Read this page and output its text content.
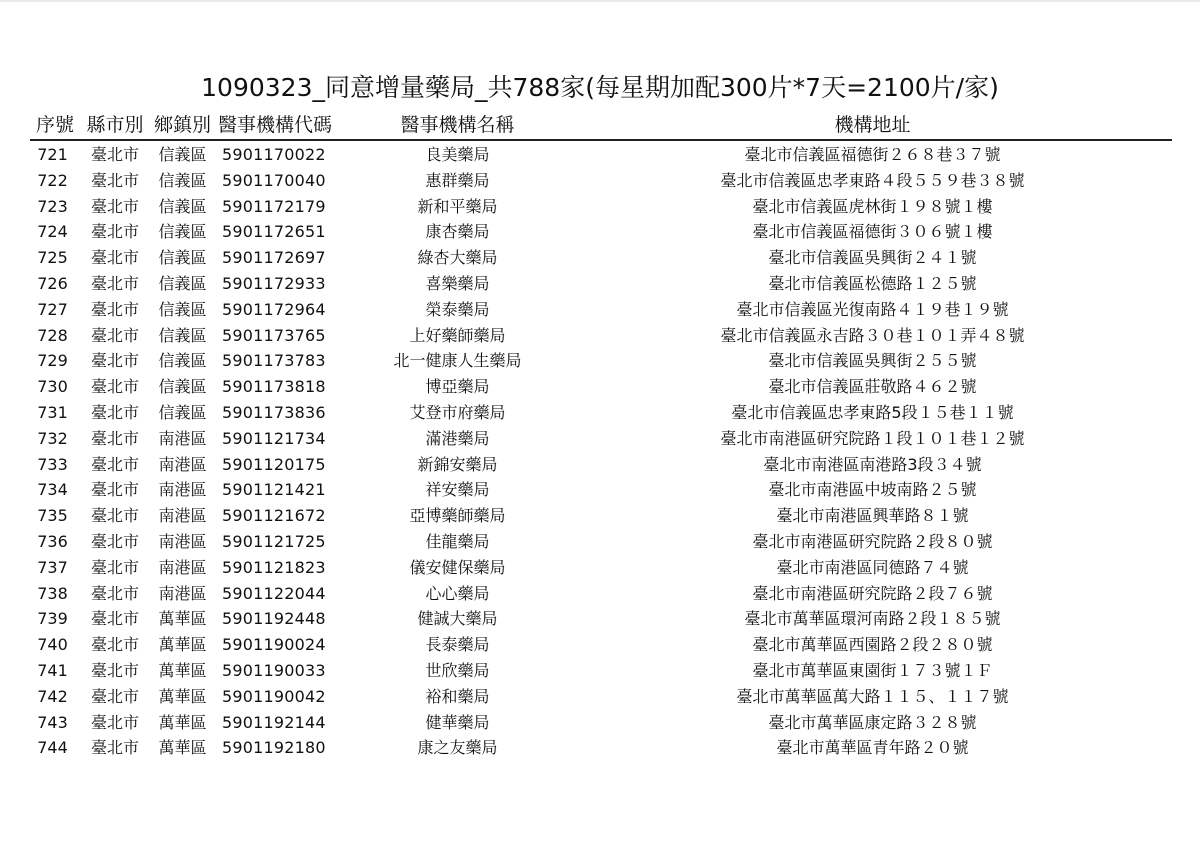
1090323_同意增量藥局_共788家(每星期加配300片*7天=2100片/家)
序號 縣市別 鄉鎮別 醫事機構代碼	醫事機構名稱	機構地址
721	臺北市	信義區 5901170022	良美藥局	臺北市信義區福德街２６８巷３７號
722	臺北市	信義區 5901170040	惠群藥局	臺北市信義區忠孝東路４段５５９巷３８號
723	臺北市	信義區 5901172179	新和平藥局	臺北市信義區虎林街１９８號１樓
724	臺北市	信義區 5901172651	康杏藥局	臺北市信義區福德街３０６號１樓
725	臺北市	信義區 5901172697	綠杏大藥局	臺北市信義區吳興街２４１號
726	臺北市	信義區 5901172933	喜樂藥局	臺北市信義區松德路１２５號
727	臺北市	信義區 5901172964	榮泰藥局	臺北市信義區光復南路４１９巷１９號
728	臺北市	信義區 5901173765	上好藥師藥局	臺北市信義區永吉路３０巷１０１弄４８號
729	臺北市	信義區 5901173783	北一健康人生藥局	臺北市信義區吳興街２５５號
730	臺北市	信義區 5901173818	博亞藥局	臺北市信義區莊敬路４６２號
731	臺北市	信義區 5901173836	艾登市府藥局	臺北市信義區忠孝東路5段１５巷１１號
732	臺北市	南港區 5901121734	滿港藥局	臺北市南港區研究院路１段１０１巷１２號
733	臺北市	南港區 5901120175	新錦安藥局	臺北市南港區南港路3段３４號
734	臺北市	南港區 5901121421	祥安藥局	臺北市南港區中坡南路２５號
735	臺北市	南港區 5901121672	亞博藥師藥局	臺北市南港區興華路８１號
736	臺北市	南港區 5901121725	佳龍藥局	臺北市南港區研究院路２段８０號
737	臺北市	南港區 5901121823	儀安健保藥局	臺北市南港區同德路７４號
738	臺北市	南港區 5901122044	心心藥局	臺北市南港區研究院路２段７６號
739	臺北市	萬華區 5901192448	健誠大藥局	臺北市萬華區環河南路２段１８５號
740	臺北市	萬華區 5901190024	長泰藥局	臺北市萬華區西園路２段２８０號
741	臺北市	萬華區 5901190033	世欣藥局	臺北市萬華區東園街１７３號１Ｆ
742	臺北市	萬華區 5901190042	裕和藥局	臺北市萬華區萬大路１１５、１１７號
743	臺北市	萬華區 5901192144	健華藥局	臺北市萬華區康定路３２８號
744	臺北市	萬華區 5901192180	康之友藥局	臺北市萬華區青年路２０號
